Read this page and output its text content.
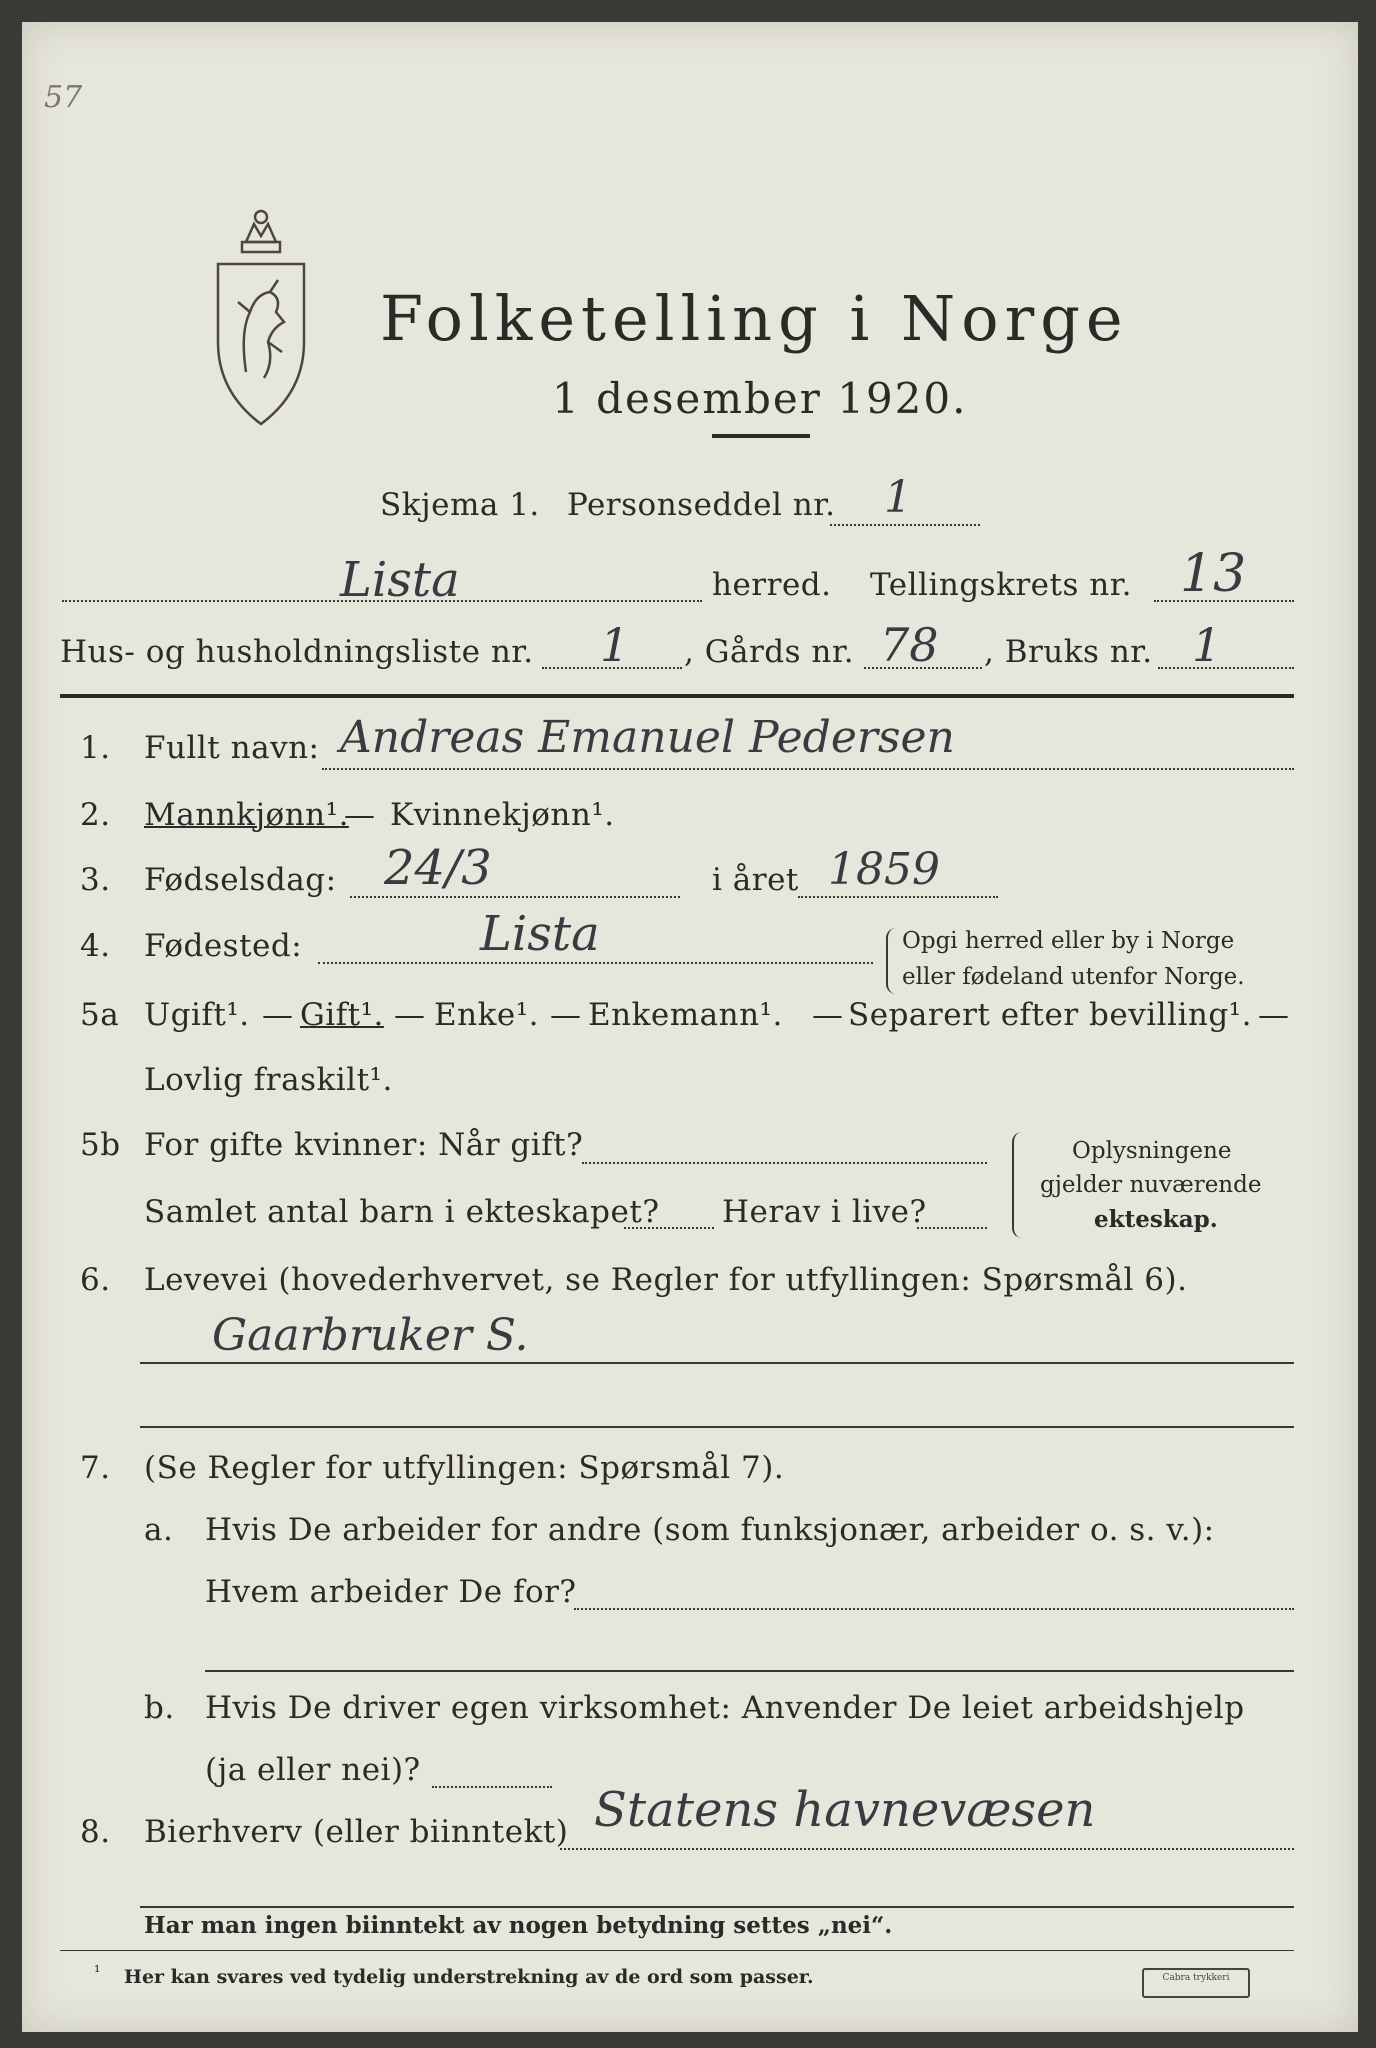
57
Folketelling i Norge
1 desember 1920.
Skjema 1. Personseddel nr. 1
Lista	herred. Tellingskrets nr. 13
Hus- og husholdningsliste nr. 1 , Gårds nr. 78 , Bruks nr. 1
1. Fullt navn: Andreas Emanuel Pedersen
2. Mannkjønn¹.
— Kvinnekjønn¹.
3. Fødselsdag: 24/3	i året 1859
4. Fødested:	Lista	Opgi herred eller by i Norge
eller fødeland utenfor Norge.
5a Ugift¹. — Gift¹. — Enke¹. — Enkemann¹. — Separert efter bevilling¹. —
Lovlig fraskilt¹.
5b For gifte kvinner: Når gift?
Samlet antal barn i ekteskapet? Herav i live?
Oplysningene
gjelder nuværende
ekteskap.
6. Levevei (hovederhvervet, se Regler for utfyllingen: Spørsmål 6).
Gaarbruker S.
7. (Se Regler for utfyllingen: Spørsmål 7).
a. Hvis De arbeider for andre (som funksjonær, arbeider o. s. v.):
Hvem arbeider De for?
b. Hvis De driver egen virksomhet: Anvender De leiet arbeidshjelp
(ja eller nei)?
8. Bierhverv (eller biinntekt) Statens havnevæsen
Har man ingen biinntekt av nogen betydning settes „nei“.
¹ Her kan svares ved tydelig understrekning av de ord som passer.	Cabra trykkeri
